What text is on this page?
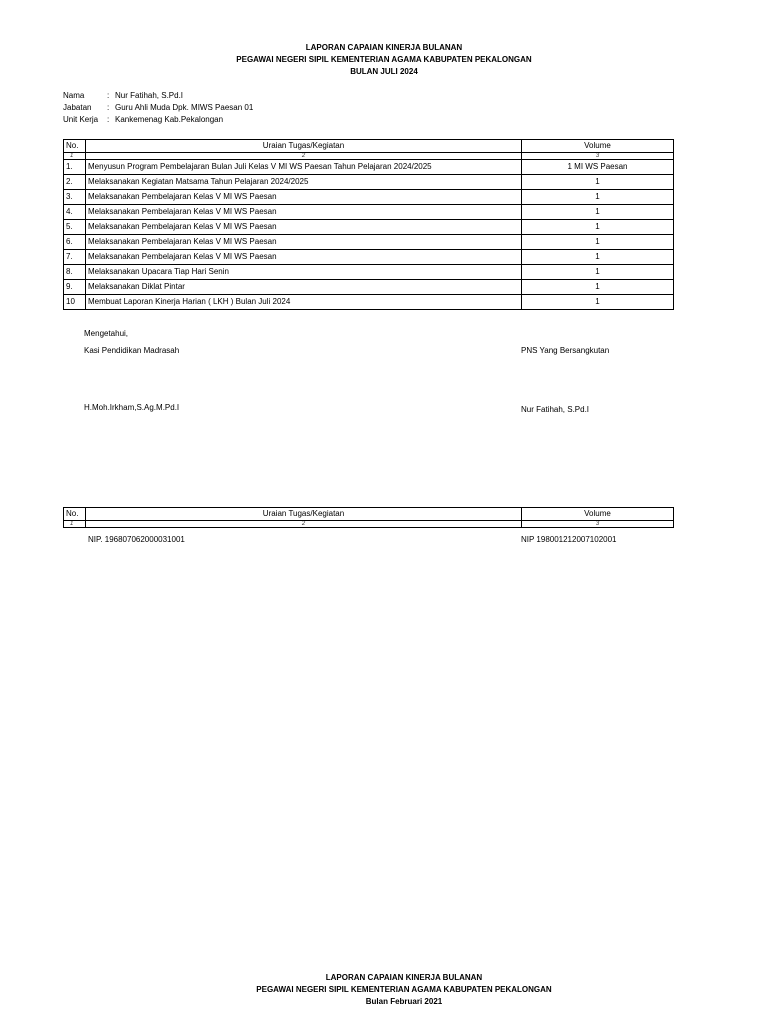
LAPORAN CAPAIAN KINERJA BULANAN
PEGAWAI NEGERI SIPIL KEMENTERIAN AGAMA KABUPATEN PEKALONGAN
BULAN JULI 2024
Nama	: Nur Fatihah, S.Pd.I
Jabatan : Guru Ahli Muda Dpk. MIWS Paesan 01
Unit Kerja : Kankemenag Kab.Pekalongan
No.	Uraian Tugas/Kegiatan	Volume
1	2	3
1.	Menyusun Program Pembelajaran Bulan Juli Kelas V MI WS Paesan Tahun Pelajaran 2024/2025	1 MI WS Paesan
2.	Melaksanakan Kegiatan Matsama Tahun Pelajaran 2024/2025	1
3.	Melaksanakan Pembelajaran Kelas V MI WS Paesan	1
4.	Melaksanakan Pembelajaran Kelas V MI WS Paesan	1
5.	Melaksanakan Pembelajaran Kelas V MI WS Paesan	1
6.	Melaksanakan Pembelajaran Kelas V MI WS Paesan	1
7.	Melaksanakan Pembelajaran Kelas V MI WS Paesan	1
8.	Melaksanakan Upacara Tiap Hari Senin	1
9.	Melaksanakan Diklat Pintar	1
10	Membuat Laporan Kinerja Harian ( LKH ) Bulan Juli 2024	1
Mengetahui,
Kasi Pendidikan Madrasah	PNS Yang Bersangkutan
H.Moh.Irkham,S.Ag.M.Pd.I	Nur Fatihah, S.Pd.I
No.	Uraian Tugas/Kegiatan	Volume
1	2	3
NIP. 196807062000031001	NIP 198001212007102001
LAPORAN CAPAIAN KINERJA BULANAN
PEGAWAI NEGERI SIPIL KEMENTERIAN AGAMA KABUPATEN PEKALONGAN
Bulan Februari 2021
